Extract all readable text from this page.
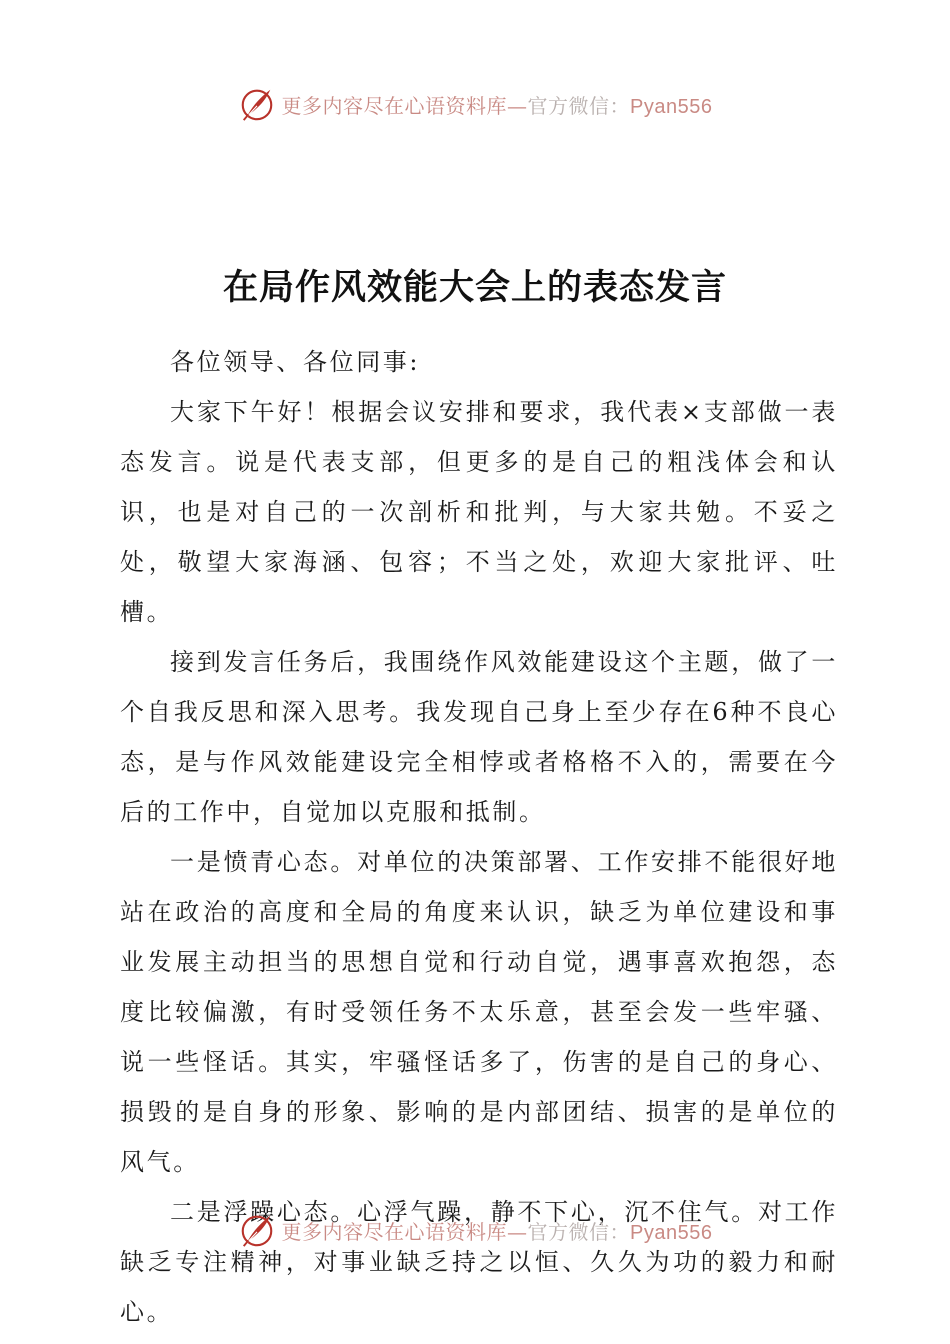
更多内容尽在心语资料库—官方微信：Pyan556
在局作风效能大会上的表态发言

各位领导、各位同事:

大家下午好！根据会议安排和要求，我代表×支部做一表态发言。说是代表支部，但更多的是自己的粗浅体会和认识，也是对自己的一次剖析和批判，与大家共勉。不妥之处，敬望大家海涵、包容；不当之处，欢迎大家批评、吐槽。

接到发言任务后，我围绕作风效能建设这个主题，做了一个自我反思和深入思考。我发现自己身上至少存在6种不良心态，是与作风效能建设完全相悖或者格格不入的，需要在今后的工作中，自觉加以克服和抵制。

一是愤青心态。对单位的决策部署、工作安排不能很好地站在政治的高度和全局的角度来认识，缺乏为单位建设和事业发展主动担当的思想自觉和行动自觉，遇事喜欢抱怨，态度比较偏激，有时受领任务不太乐意，甚至会发一些牢骚、说一些怪话。其实，牢骚怪话多了，伤害的是自己的身心、损毁的是自身的形象、影响的是内部团结、损害的是单位的风气。

二是浮躁心态。心浮气躁，静不下心，沉不住气。对工作缺乏专注精神，对事业缺乏持之以恒、久久为功的毅力和耐心。

更多内容尽在心语资料库—官方微信：Pyan556
